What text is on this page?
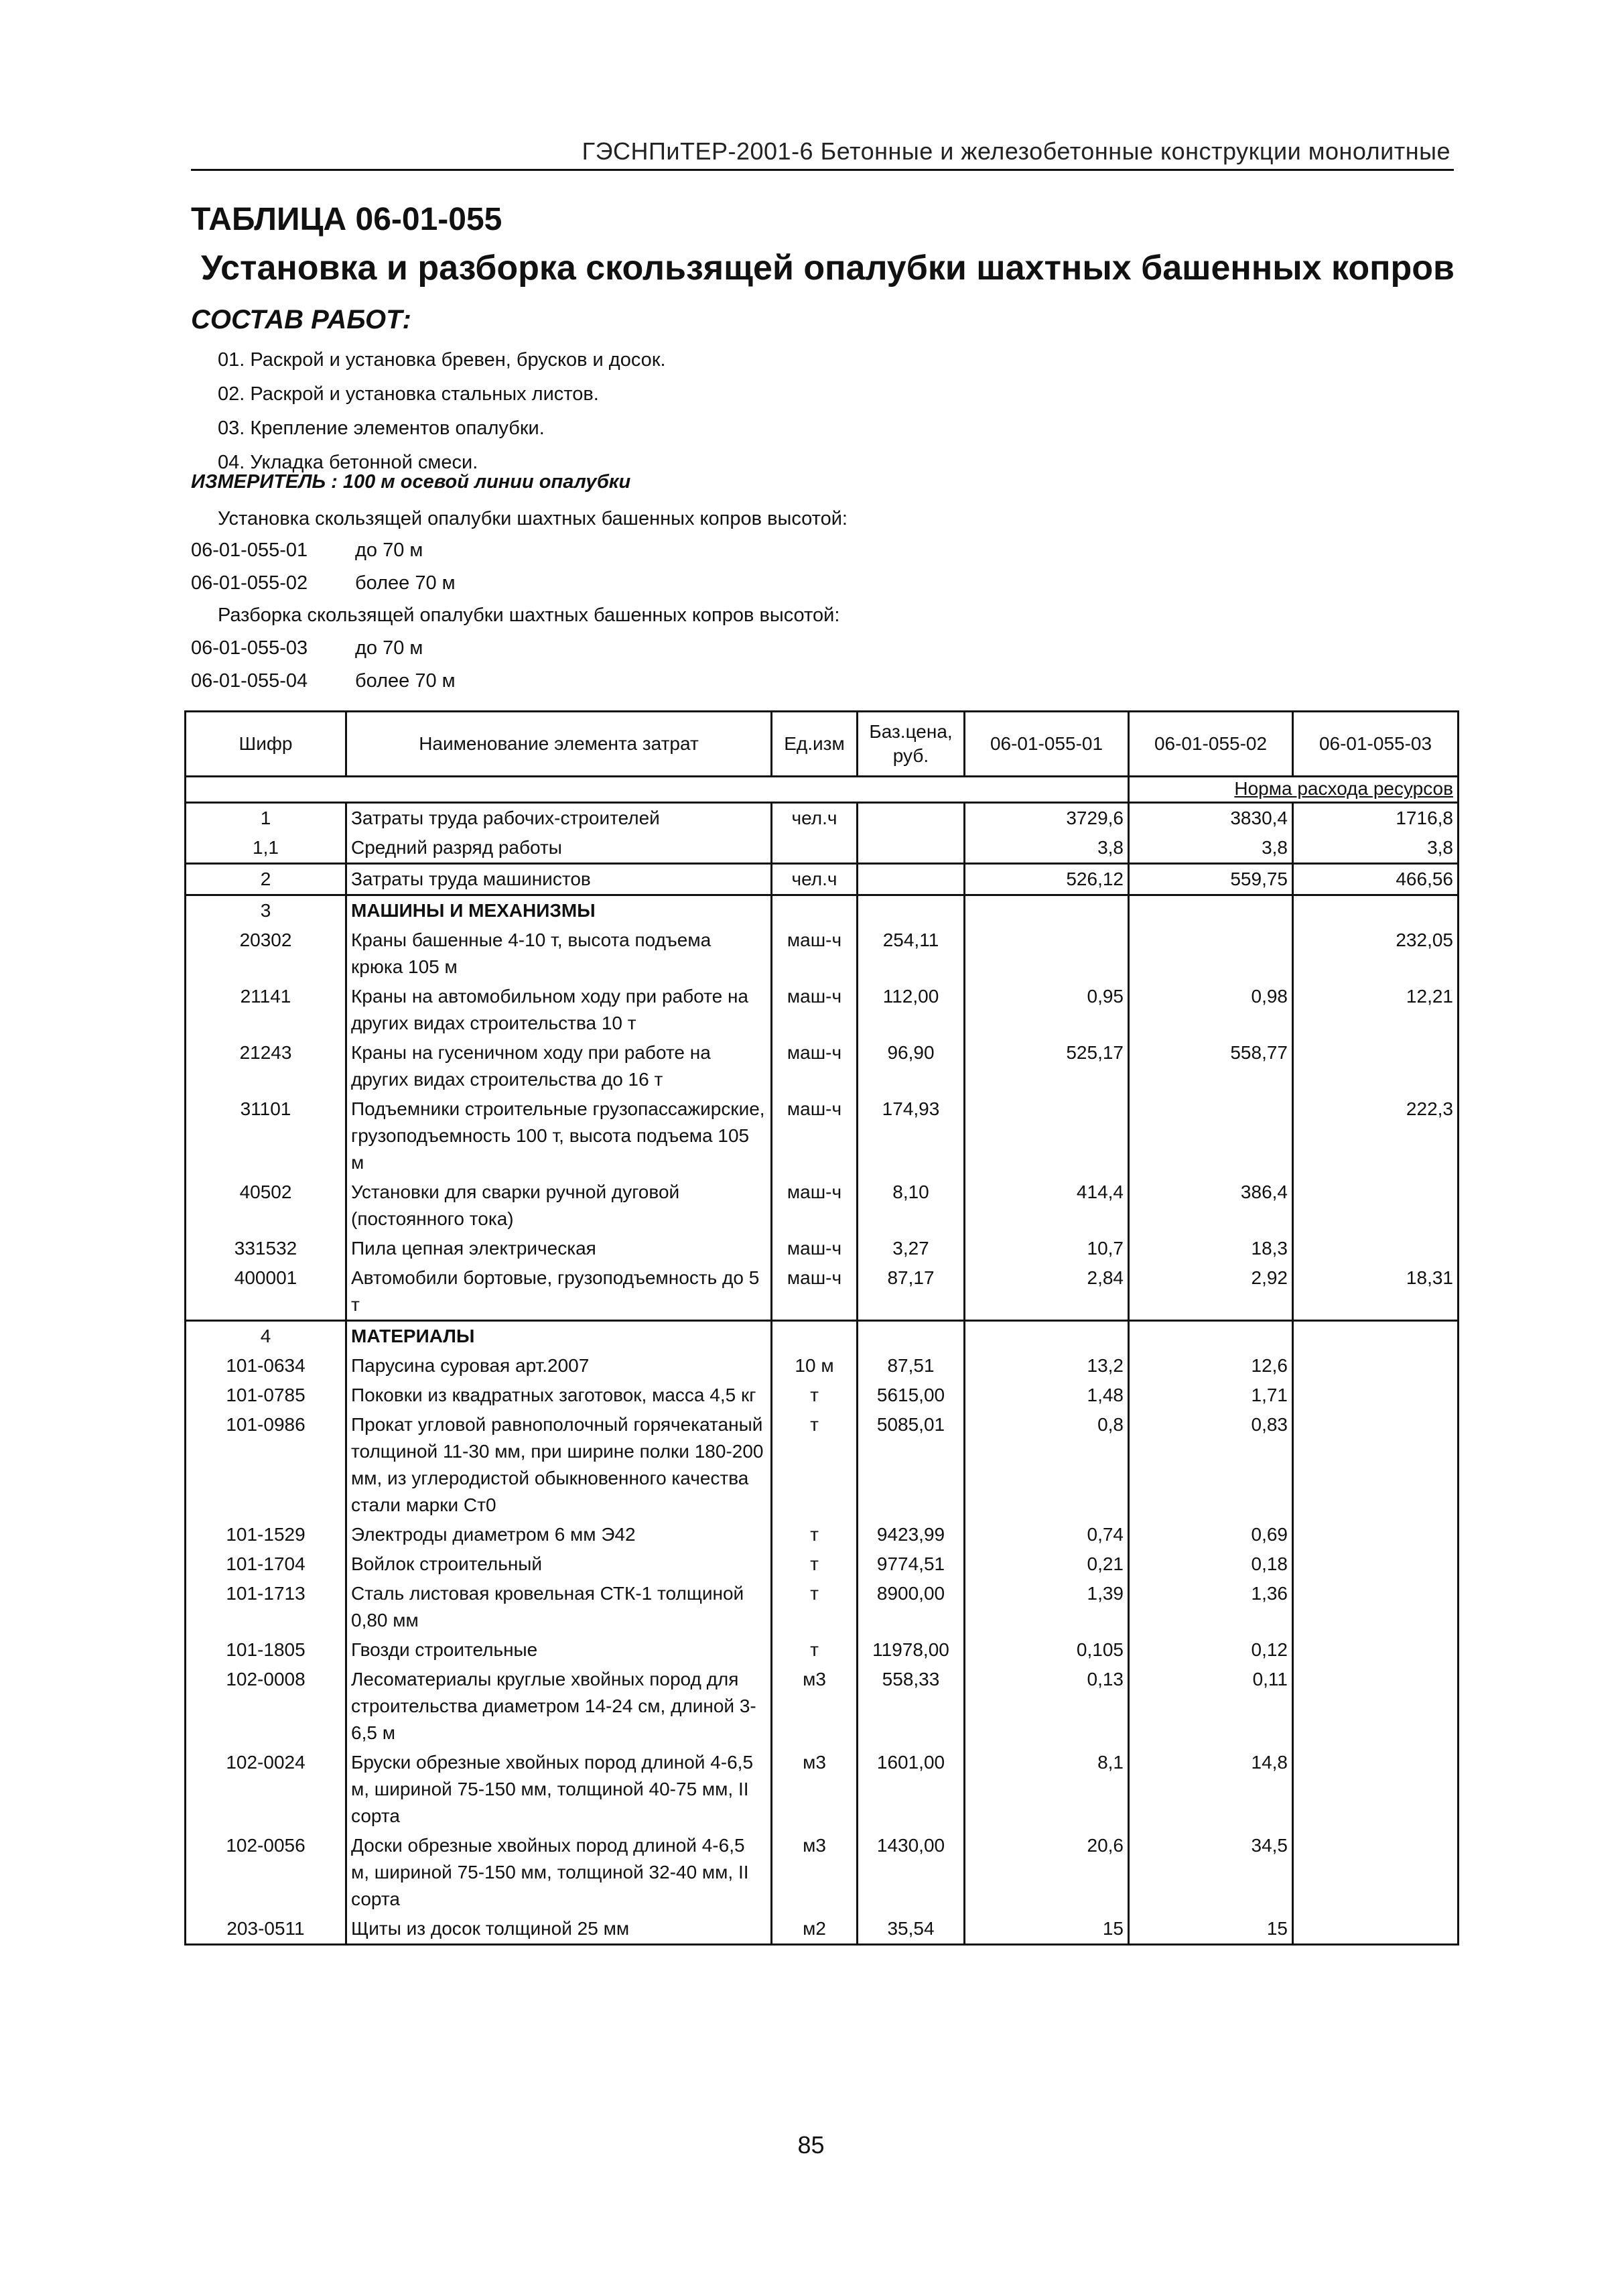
ГЭСНПиТЕР-2001-6 Бетонные и железобетонные конструкции монолитные
ТАБЛИЦА 06-01-055
Установка и разборка скользящей опалубки шахтных башенных копров
СОСТАВ РАБОТ:
01. Раскрой и установка бревен, брусков и досок.
02. Раскрой и установка стальных листов.
03. Крепление элементов опалубки.
04. Укладка бетонной смеси.
ИЗМЕРИТЕЛЬ : 100 м осевой линии опалубки
Установка скользящей опалубки шахтных башенных копров высотой:
06-01-055-01 до 70 м
06-01-055-02 более 70 м
Разборка скользящей опалубки шахтных башенных копров высотой:
06-01-055-03 до 70 м
06-01-055-04 более 70 м
Шифр	Наименование элемента затрат	Ед.изм	Баз.цена, руб.	06-01-055-01	06-01-055-02	06-01-055-03
					Норма расхода ресурсов	
1	Затраты труда рабочих-строителей	чел.ч		3729,6	3830,4	1716,8
1,1	Средний разряд работы			3,8	3,8	3,8
2	Затраты труда машинистов	чел.ч		526,12	559,75	466,56
3	МАШИНЫ И МЕХАНИЗМЫ					
20302	Краны башенные 4-10 т, высота подъема крюка 105 м	маш-ч	254,11			232,05
21141	Краны на автомобильном ходу при работе на других видах строительства 10 т	маш-ч	112,00	0,95	0,98	12,21
21243	Краны на гусеничном ходу при работе на других видах строительства до 16 т	маш-ч	96,90	525,17	558,77	
31101	Подъемники строительные грузопассажирские, грузоподъемность 100 т, высота подъема 105 м	маш-ч	174,93			222,3
40502	Установки для сварки ручной дуговой (постоянного тока)	маш-ч	8,10	414,4	386,4	
331532	Пила цепная электрическая	маш-ч	3,27	10,7	18,3	
400001	Автомобили бортовые, грузоподъемность до 5 т	маш-ч	87,17	2,84	2,92	18,31
4	МАТЕРИАЛЫ					
101-0634	Парусина суровая арт.2007	10 м	87,51	13,2	12,6	
101-0785	Поковки из квадратных заготовок, масса 4,5 кг	т	5615,00	1,48	1,71	
101-0986	Прокат угловой равнополочный горячекатаный толщиной 11-30 мм, при ширине полки 180-200 мм, из углеродистой обыкновенного качества стали марки Ст0	т	5085,01	0,8	0,83	
101-1529	Электроды диаметром 6 мм Э42	т	9423,99	0,74	0,69	
101-1704	Войлок строительный	т	9774,51	0,21	0,18	
101-1713	Сталь листовая кровельная СТК-1 толщиной 0,80 мм	т	8900,00	1,39	1,36	
101-1805	Гвозди строительные	т	11978,00	0,105	0,12	
102-0008	Лесоматериалы круглые хвойных пород для строительства диаметром 14-24 см, длиной 3-6,5 м	м3	558,33	0,13	0,11	
102-0024	Бруски обрезные хвойных пород длиной 4-6,5 м, шириной 75-150 мм, толщиной 40-75 мм, II сорта	м3	1601,00	8,1	14,8	
102-0056	Доски обрезные хвойных пород длиной 4-6,5 м, шириной 75-150 мм, толщиной 32-40 мм, II сорта	м3	1430,00	20,6	34,5	
203-0511	Щиты из досок толщиной 25 мм	м2	35,54	15	15	
85
